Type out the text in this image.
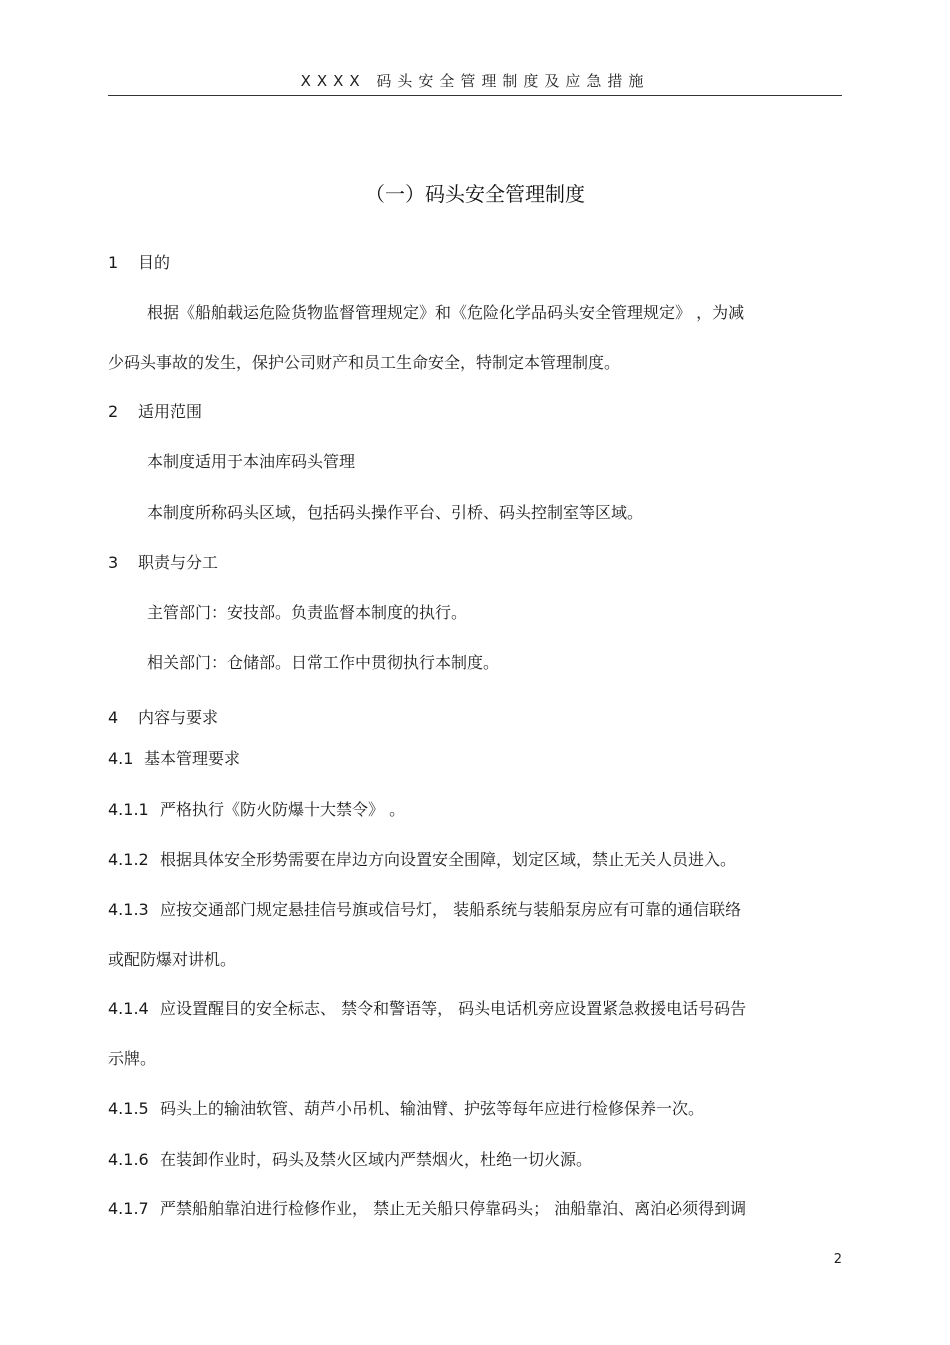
XXXX 码头安全管理制度及应急措施
（一）码头安全管理制度
1 目的
根据《船舶载运危险货物监督管理规定》和《危险化学品码头安全管理规定》 ，为减
少码头事故的发生，保护公司财产和员工生命安全，特制定本管理制度。
2 适用范围
本制度适用于本油库码头管理
本制度所称码头区域，包括码头操作平台、引桥、码头控制室等区域。
3 职责与分工
主管部门：安技部。负责监督本制度的执行。
相关部门：仓储部。日常工作中贯彻执行本制度。
4 内容与要求
4.1 基本管理要求
4.1.1 严格执行《防火防爆十大禁令》 。
4.1.2 根据具体安全形势需要在岸边方向设置安全围障，划定区域，禁止无关人员进入。
4.1.3 应按交通部门规定悬挂信号旗或信号灯， 装船系统与装船泵房应有可靠的通信联络
或配防爆对讲机。
4.1.4 应设置醒目的安全标志、 禁令和警语等， 码头电话机旁应设置紧急救援电话号码告
示牌。
4.1.5 码头上的输油软管、葫芦小吊机、输油臂、护弦等每年应进行检修保养一次。
4.1.6 在装卸作业时，码头及禁火区域内严禁烟火，杜绝一切火源。
4.1.7 严禁船舶靠泊进行检修作业， 禁止无关船只停靠码头； 油船靠泊、离泊必须得到调
2
